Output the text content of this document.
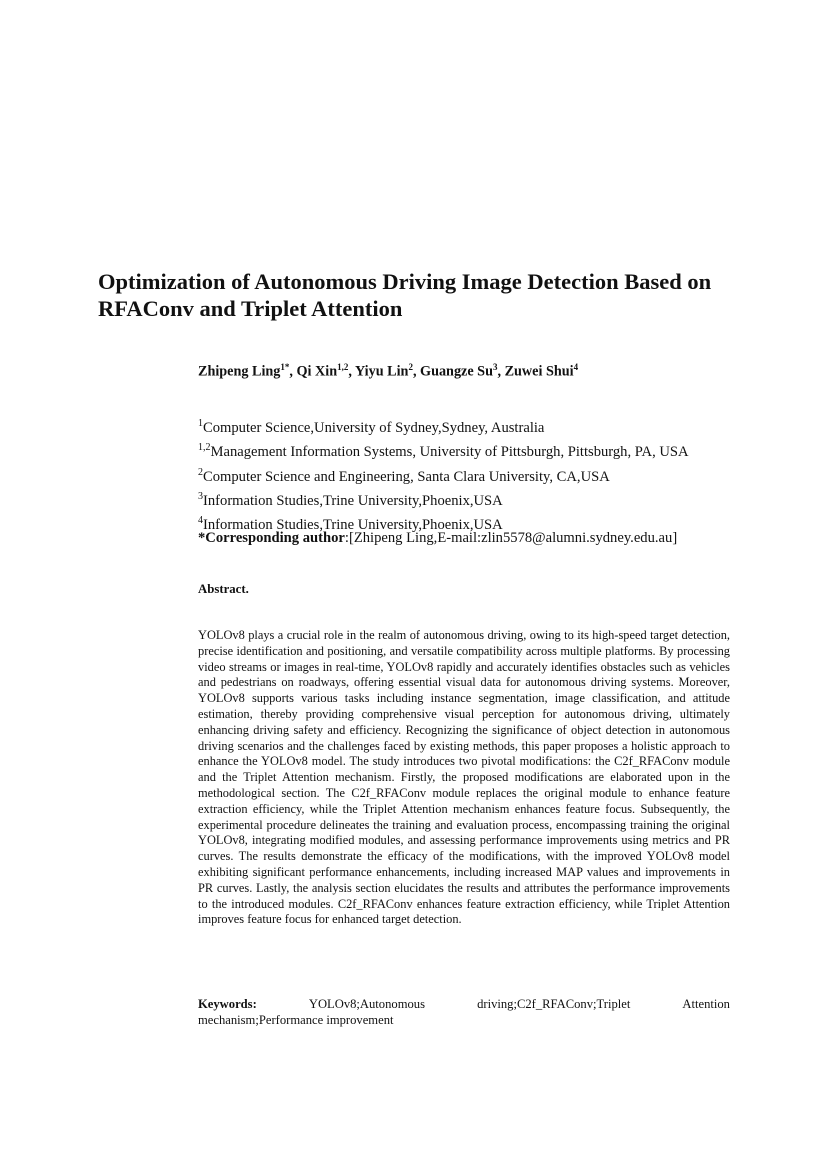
Optimization of Autonomous Driving Image Detection Based on RFAConv and Triplet Attention
Zhipeng Ling$^{1*}$, Qi Xin$^{1,2}$, Yiyu Lin$^2$, Guangze Su$^3$, Zuwei Shui$^4$
$^1$Computer Science,University of Sydney,Sydney, Australia
$^{1,2}$Management Information Systems, University of Pittsburgh, Pittsburgh, PA, USA
$^2$Computer Science and Engineering, Santa Clara University, CA,USA
$^3$Information Studies,Trine University,Phoenix,USA
$^4$Information Studies,Trine University,Phoenix,USA
*Corresponding author:[Zhipeng Ling,E-mail:zlin5578@alumni.sydney.edu.au]
Abstract.

YOLOv8 plays a crucial role in the realm of autonomous driving, owing to its high-speed target detection, precise identification and positioning, and versatile compatibility across multiple platforms. By processing video streams or images in real-time, YOLOv8 rapidly and accurately identifies obstacles such as vehicles and pedestrians on roadways, offering essential visual data for autonomous driving systems. Moreover, YOLOv8 supports various tasks including instance segmentation, image classification, and attitude estimation, thereby providing comprehensive visual perception for autonomous driving, ultimately enhancing driving safety and efficiency. Recognizing the significance of object detection in autonomous driving scenarios and the challenges faced by existing methods, this paper proposes a holistic approach to enhance the YOLOv8 model. The study introduces two pivotal modifications: the C2f_RFAConv module and the Triplet Attention mechanism. Firstly, the proposed modifications are elaborated upon in the methodological section. The C2f_RFAConv module replaces the original module to enhance feature extraction efficiency, while the Triplet Attention mechanism enhances feature focus. Subsequently, the experimental procedure delineates the training and evaluation process, encompassing training the original YOLOv8, integrating modified modules, and assessing performance improvements using metrics and PR curves. The results demonstrate the efficacy of the modifications, with the improved YOLOv8 model exhibiting significant performance enhancements, including increased MAP values and improvements in PR curves. Lastly, the analysis section elucidates the results and attributes the performance improvements to the introduced modules. C2f_RFAConv enhances feature extraction efficiency, while Triplet Attention improves feature focus for enhanced target detection.

Keywords:	YOLOv8;Autonomous	driving;C2f_RFAConv;Triplet	Attention
mechanism;Performance improvement
